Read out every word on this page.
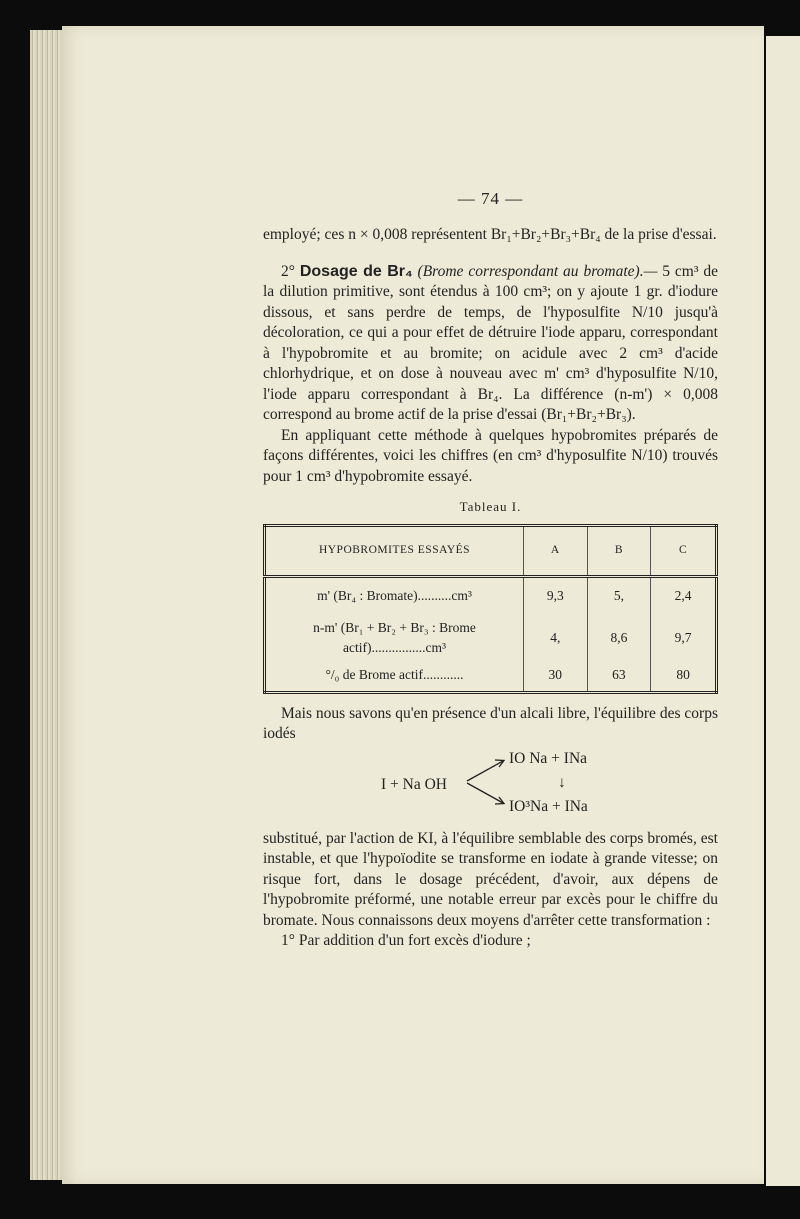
— 74 —

employé; ces n × 0,008 représentent Br₁+Br₂+Br₃+Br₄ de la prise d'essai.

2° Dosage de Br₄ (Brome correspondant au bromate).— 5 cm³ de la dilution primitive, sont étendus à 100 cm³; on y ajoute 1 gr. d'iodure dissous, et sans perdre de temps, de l'hyposulfite N/10 jusqu'à décoloration, ce qui a pour effet de détruire l'iode apparu, correspondant à l'hypobromite et au bromite; on acidule avec 2 cm³ d'acide chlorhydrique, et on dose à nouveau avec m' cm³ d'hyposulfite N/10, l'iode apparu correspondant à Br₄. La différence (n-m') × 0,008 correspond au brome actif de la prise d'essai (Br₁+Br₂+Br₃).

En appliquant cette méthode à quelques hypobromites préparés de façons différentes, voici les chiffres (en cm³ d'hyposulfite N/10) trouvés pour 1 cm³ d'hypobromite essayé.

Tableau I.

HYPOBROMITES ESSAYÉS	A	B	C
m' (Br₄ : Bromate)..........cm³	9,3	5,	2,4
n-m' (Br₁ + Br₂ + Br₃ : Brome actif)................cm³	4,	8,6	9,7
°/₀ de Brome actif............	30	63	80

Mais nous savons qu'en présence d'un alcali libre, l'équilibre des corps iodés

I + Na OH
IO Na + INa
↓
IO³Na + INa

substitué, par l'action de KI, à l'équilibre semblable des corps bromés, est instable, et que l'hypoïodite se transforme en iodate à grande vitesse; on risque fort, dans le dosage précédent, d'avoir, aux dépens de l'hypobromite préformé, une notable erreur par excès pour le chiffre du bromate. Nous connaissons deux moyens d'arrêter cette transformation :

1° Par addition d'un fort excès d'iodure ;
